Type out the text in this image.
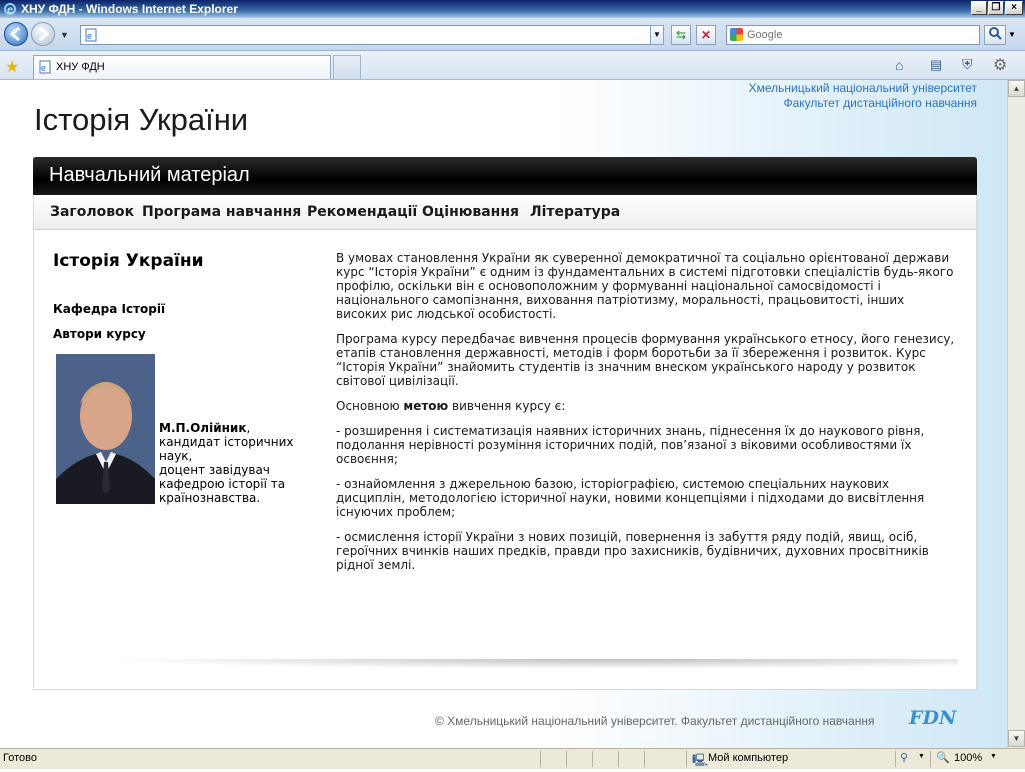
e ХНУ ФДН - Windows Internet Explorer	_ ❐	×
▼ e	▼	⇆	✕	Google	▼
★ e ХНУ ФДН	⌂ ▤ ⛨ ⚙
Хмельницький національний університет
Факультет дистанційного навчання
Історія України
Навчальний матеріал
Заголовок Програма навчання Рекомендації Оцінювання Література
Історія України
Кафедра Історії
Автори курсу
М.П.Олійник, кандидат історичних наук,
доцент завідувач кафедрою історії та країнознавства.

В умовах становлення України як суверенної демократичної та соціально орієнтованої держави курс “Історія України” є одним із фундаментальних в системі підготовки спеціалістів будь-якого профілю, оскільки він є основоположним у формуванні національної самосвідомості і національного самопізнання, виховання патріотизму, моральності, працьовитості, інших високих рис людської особистості.

Програма курсу передбачає вивчення процесів формування українського етносу, його генезису, етапів становлення державності, методів і форм боротьби за її збереження і розвиток. Курс “Історія України” знайомить студентів із значним внеском українського народу у розвиток світової цивілізації.

Основною метою вивчення курсу є:

- розширення і систематизація наявних історичних знань, піднесення їх до наукового рівня, подолання нерівності розуміння історичних подій, пов’язаної з віковими особливостями їх освоєння;

- ознайомлення з джерельною базою, історіографією, системою спеціальних наукових дисциплін, методологією історичної науки, новими концепціями і підходами до висвітлення існуючих проблем;

- осмислення історії України з нових позицій, повернення із забуття ряду подій, явищ, осіб, героїчних вчинків наших предків, правди про захисників, будівничих, духовних просвітників рідної землі.

© Хмельницький національний університет. Факультет дистанційного навчання FDN
▲
▼
Готово	🖳 Мой компьютер	⚲ ▼ 🔍 100% ▼
